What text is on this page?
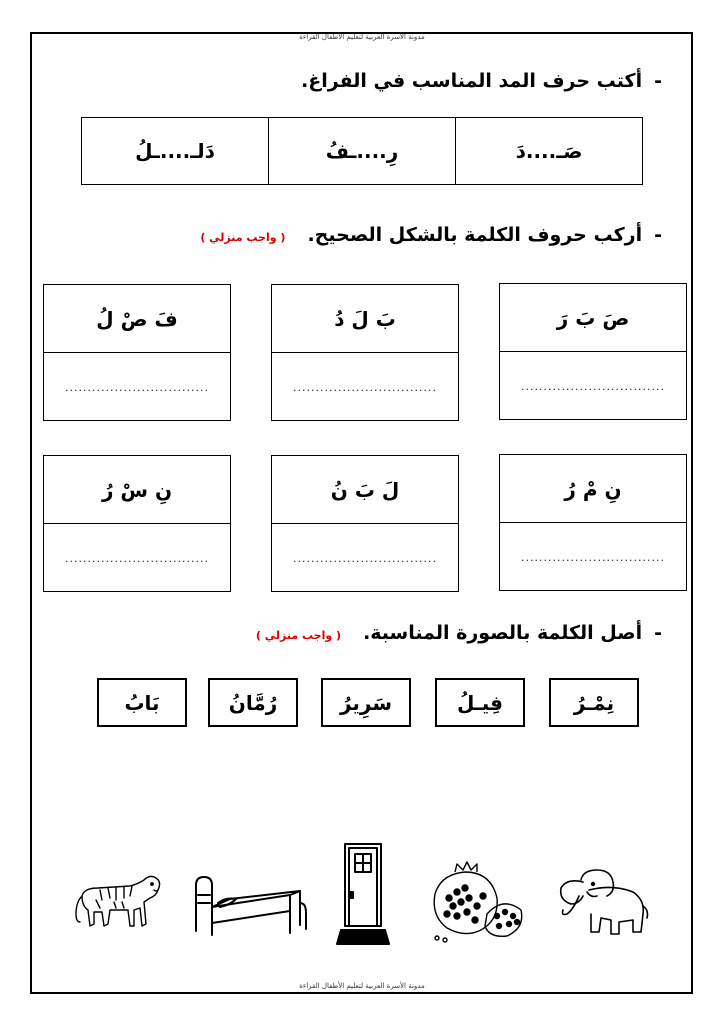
مدونة الأسرة العربية لتعليم الأطفال القراءة
-أكتب حرف المد المناسب في الفراغ.
صَـ....دَ
رِ....ـفُ
دَلـ....ـلُ
-أركب حروف الكلمة بالشكل الصحيح.( واجب منزلي )
صَ بَ رَ
................................
بَ لَ دُ
................................
فَ صْ لُ
................................
نِ مْ رُ
................................
لَ بَ نُ
................................
نِ سْ رُ
................................
-أصل الكلمة بالصورة المناسبة.( واجب منزلي )
نِمْـرُ
فِيـلُ
سَرِيرُ
رُمَّانُ
بَابُ
مدونة الأسرة العربية لتعليم الأطفال القراءة
